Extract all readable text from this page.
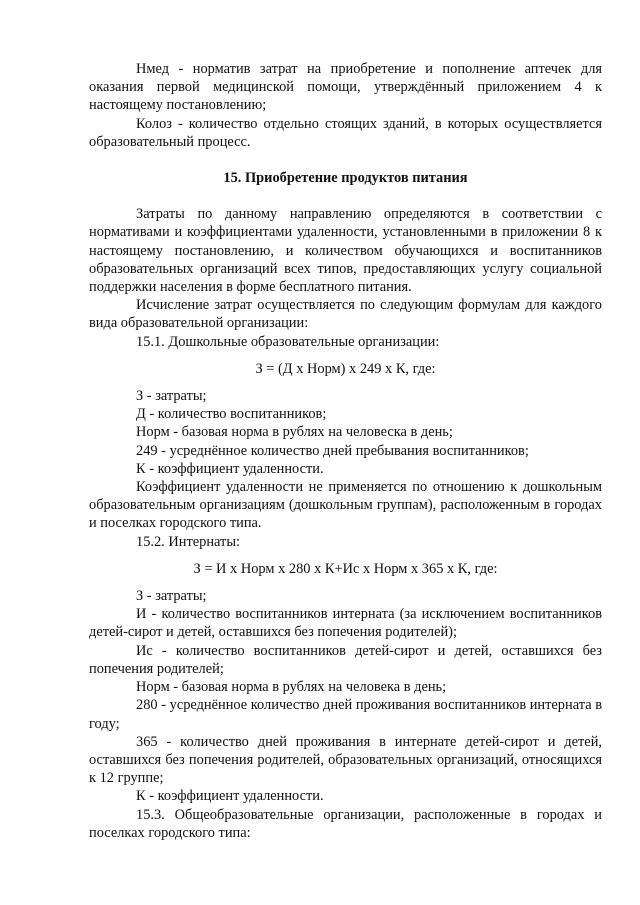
Нмед - норматив затрат на приобретение и пополнение аптечек для оказания первой медицинской помощи, утверждённый приложением 4 к настоящему постановлению;

Колоз - количество отдельно стоящих зданий, в которых осуществляется образовательный процесс.

15. Приобретение продуктов питания

Затраты по данному направлению определяются в соответствии с нормативами и коэффициентами удаленности, установленными в приложении 8 к настоящему постановлению, и количеством обучающихся и воспитанников образовательных организаций всех типов, предоставляющих услугу социальной поддержки населения в форме бесплатного питания.

Исчисление затрат осуществляется по следующим формулам для каждого вида образовательной организации:

15.1. Дошкольные образовательные организации:

З = (Д х Норм) х 249 х К, где:

З - затраты;

Д - количество воспитанников;

Норм - базовая норма в рублях на человеска в день;

249 - усреднённое количество дней пребывания воспитанников;

К - коэффициент удаленности.

Коэффициент удаленности не применяется по отношению к дошкольным образовательным организациям (дошкольным группам), расположенным в городах и поселках городского типа.

15.2. Интернаты:

З = И х Норм х 280 х К+Ис х Норм х 365 х К, где:

З - затраты;

И - количество воспитанников интерната (за исключением воспитанников детей-сирот и детей, оставшихся без попечения родителей);

Ис - количество воспитанников детей-сирот и детей, оставшихся без попечения родителей;

Норм - базовая норма в рублях на человека в день;

280 - усреднённое количество дней проживания воспитанников интерната в году;

365 - количество дней проживания в интернате детей-сирот и детей, оставшихся без попечения родителей, образовательных организаций, относящихся к 12 группе;

К - коэффициент удаленности.

15.3. Общеобразовательные организации, расположенные в городах и поселках городского типа:
